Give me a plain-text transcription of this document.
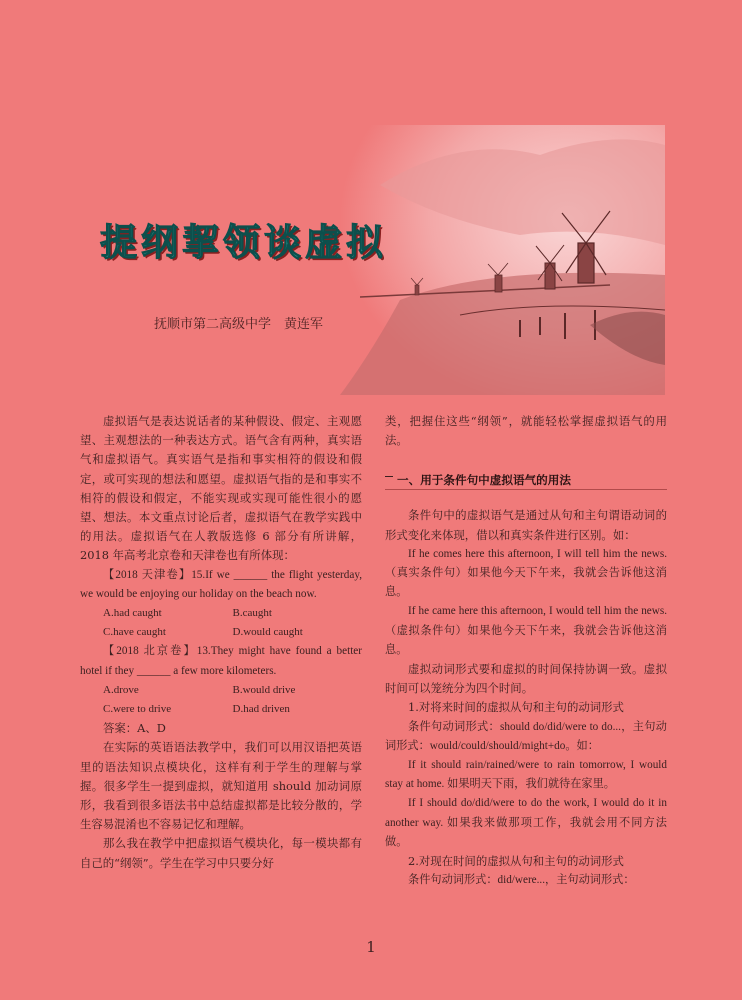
提纲挈领谈虚拟
抚顺市第二高级中学　黄连军

虚拟语气是表达说话者的某种假设、假定、主观愿望、主观想法的一种表达方式。语气含有两种，真实语气和虚拟语气。真实语气是指和事实相符的假设和假定，或可实现的想法和愿望。虚拟语气指的是和事实不相符的假设和假定，不能实现或实现可能性很小的愿望、想法。本文重点讨论后者，虚拟语气在教学实践中的用法。虚拟语气在人教版选修 6 部分有所讲解，2018 年高考北京卷和天津卷也有所体现：

【2018 天津卷】15.If we ______ the flight yesterday, we would be enjoying our holiday on the beach now.

A.had caught	B.caught
C.have caught	D.would caught

【2018 北京卷】13.They might have found a better hotel if they ______ a few more kilometers.

A.drove	B.would drive
C.were to drive	D.had driven

答案：A、D

在实际的英语语法教学中，我们可以用汉语把英语里的语法知识点模块化，这样有利于学生的理解与掌握。很多学生一提到虚拟，就知道用 should 加动词原形，我看到很多语法书中总结虚拟都是比较分散的，学生容易混淆也不容易记忆和理解。

那么我在教学中把虚拟语气模块化，每一模块都有自己的“纲领”。学生在学习中只要分好

类，把握住这些“纲领”，就能轻松掌握虚拟语气的用法。

一、用于条件句中虚拟语气的用法

条件句中的虚拟语气是通过从句和主句谓语动词的形式变化来体现，借以和真实条件进行区别。如：

If he comes here this afternoon, I will tell him the news.（真实条件句）如果他今天下午来，我就会告诉他这消息。

If he came here this afternoon, I would tell him the news.（虚拟条件句）如果他今天下午来，我就会告诉他这消息。

虚拟动词形式要和虚拟的时间保持协调一致。虚拟时间可以笼统分为四个时间。

1.对将来时间的虚拟从句和主句的动词形式

条件句动词形式：should do/did/were to do...，主句动词形式：would/could/should/might+do。如：

If it should rain/rained/were to rain tomorrow, I would stay at home. 如果明天下雨，我们就待在家里。

If I should do/did/were to do the work, I would do it in another way. 如果我来做那项工作，我就会用不同方法做。

2.对现在时间的虚拟从句和主句的动词形式

条件句动词形式：did/were...，主句动词形式：

1
